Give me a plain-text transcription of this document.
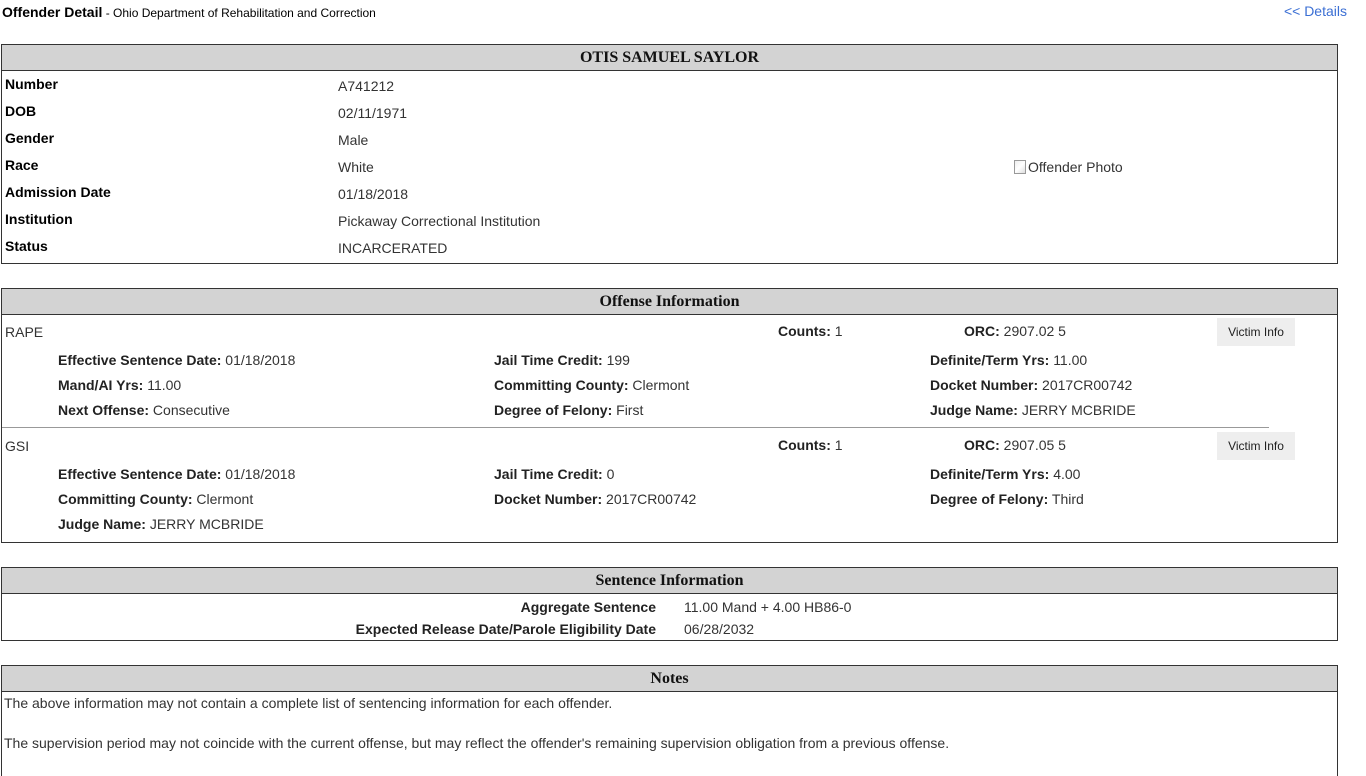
Offender Detail - Ohio Department of Rehabilitation and Correction	<< Details
OTIS SAMUEL SAYLOR
Number	A741212
DOB	02/11/1971
Gender	Male
Race	White
Admission Date	01/18/2018
Institution	Pickaway Correctional Institution
Status	INCARCERATED
Offender Photo
Offense Information
RAPE	Counts: 1	ORC: 2907.02 5	Victim Info
Effective Sentence Date: 01/18/2018	Jail Time Credit: 199	Definite/Term Yrs: 11.00
Mand/AI Yrs: 11.00	Committing County: Clermont	Docket Number: 2017CR00742
Next Offense: Consecutive	Degree of Felony: First	Judge Name: JERRY MCBRIDE
GSI	Counts: 1	ORC: 2907.05 5	Victim Info
Effective Sentence Date: 01/18/2018	Jail Time Credit: 0	Definite/Term Yrs: 4.00
Committing County: Clermont	Docket Number: 2017CR00742	Degree of Felony: Third
Judge Name: JERRY MCBRIDE
Sentence Information
Aggregate Sentence 11.00 Mand + 4.00 HB86-0
Expected Release Date/Parole Eligibility Date 06/28/2032
Notes
The above information may not contain a complete list of sentencing information for each offender.
The supervision period may not coincide with the current offense, but may reflect the offender's remaining supervision obligation from a previous offense.
